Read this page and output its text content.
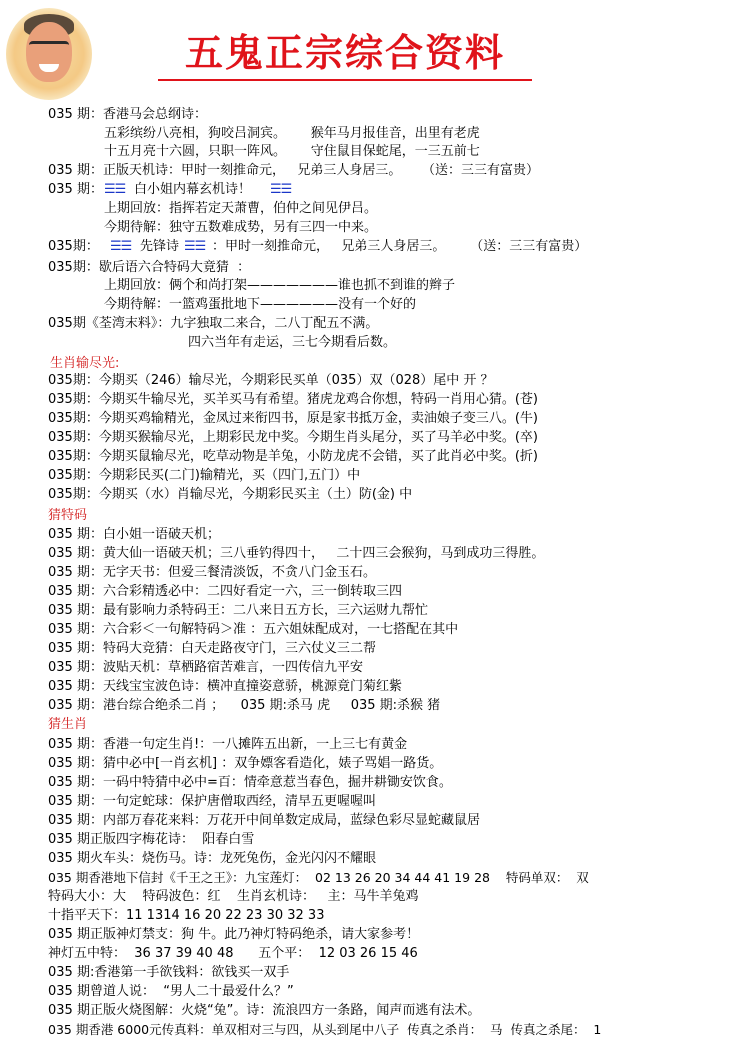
五鬼正宗综合资料
035 期：香港马会总纲诗：
五彩缤纷八亮相，狗咬吕洞宾。      猴年马月报佳音，出里有老虎
十五月亮十六圆，只职一阵风。      守住鼠目保蛇尾，一三五前七
035 期：正版天机诗：甲时一刻推命元，   兄弟三人身居三。     （送：三三有富贵）
035 期： ☰☰ 白小姐内幕玄机诗！ ☰☰
上期回放：指挥若定天萧曹，伯仲之间见伊吕。
今期待解：独守五数难成势，另有三四一中来。
035期： ☰☰ 先锋诗 ☰☰ ：甲时一刻推命元，   兄弟三人身居三。      （送：三三有富贵）
035期：歇后语六合特码大竟猜  ：
上期回放：俩个和尚打架———————谁也抓不到谁的辫子
今期待解：一篮鸡蛋批地下——————没有一个好的
035期《荃湾末料》：九字独取二来合，二八丁配五不满。
四六当年有走运，三七今期看后数。
生肖输尽光:
035期：今期买（246）输尽光，今期彩民买单（035）双（028）尾中 开 ？
035期：今期买牛输尽光，买羊买马有希望。猪虎龙鸡合你想，特码一肖用心猜。(苍)
035期：今期买鸡输精光，金凤过来衔四书，原是家书抵万金，卖油娘子变三八。(牛)
035期：今期买猴输尽光，上期彩民龙中奖。今期生肖头尾分，买了马羊必中奖。(卒)
035期：今期买鼠输尽光，吃草动物是羊兔，小防龙虎不会错，买了此肖必中奖。(折)
035期：今期彩民买(二门)输精光，买（四门,五门）中
035期：今期买（水）肖输尽光，今期彩民买主（土）防(金) 中
猜特码
035 期：白小姐一语破天机；
035 期：黄大仙一语破天机；三八垂钓得四十，   二十四三会猴狗，马到成功三得胜。
035 期：无字天书：但爱三餐清淡饭，不贪八门金玉石。
035 期：六合彩精透必中：二四好看定一六，三一倒转取三四
035 期：最有影响力杀特码王：二八来日五方长，三六运财九帮忙
035 期：六合彩＜一句解特码＞准 ：五六姐妹配成对，一七搭配在其中
035 期：特码大竞猜：白天走路夜守门，三六仗义三二帮
035 期：波贴天机：草栖路宿苦难言，一四传信九平安
035 期：天线宝宝波色诗：横冲直撞姿意骄，桃源竟门菊红紫
035 期：港台综合绝杀二肖 ；    035 期:杀马 虎     035 期:杀猴 猪
猜生肖
035 期：香港一句定生肖!：一八摊阵五出新，一上三七有黄金
035 期：猜中必中[一肖玄机] ：双争嫖客看造化，婊子骂娼一路货。
035 期：一码中特猜中必中=百：情牵意惹当春色，掘井耕锄安饮食。
035 期：一句定蛇球：保护唐僧取西经，清早五更喔喔叫
035 期：内部万春花来料：万花开中间单数定成局，蓝绿色彩尽显蛇藏鼠居
035 期正版四字梅花诗：  阳春白雪
035 期火车头：烧伤马。诗：龙死兔伤，金光闪闪不耀眼
035 期香港地下信封《千王之王》：九宝莲灯：  02 13 26 20 34 44 41 19 28    特码单双：  双
特码大小：大    特码波色：红    生肖玄机诗：   主：马牛羊兔鸡
十指平天下：11 1314 16 20 22 23 30 32 33
035 期正版神灯禁支：狗 牛。此乃神灯特码绝杀，请大家参考！
神灯五中特：  36 37 39 40 48      五个平：  12 03 26 15 46
035 期:香港第一手欲钱料：欲钱买一双手
035 期曾道人说：  “男人二十最爱什么？”
035 期正版火烧图解：火烧“兔”。诗：流浪四方一条路，闻声而逃有法术。
035 期香港 6000元传真料：单双相对三与四，从头到尾中八子  传真之杀肖：  马  传真之杀尾：  1
